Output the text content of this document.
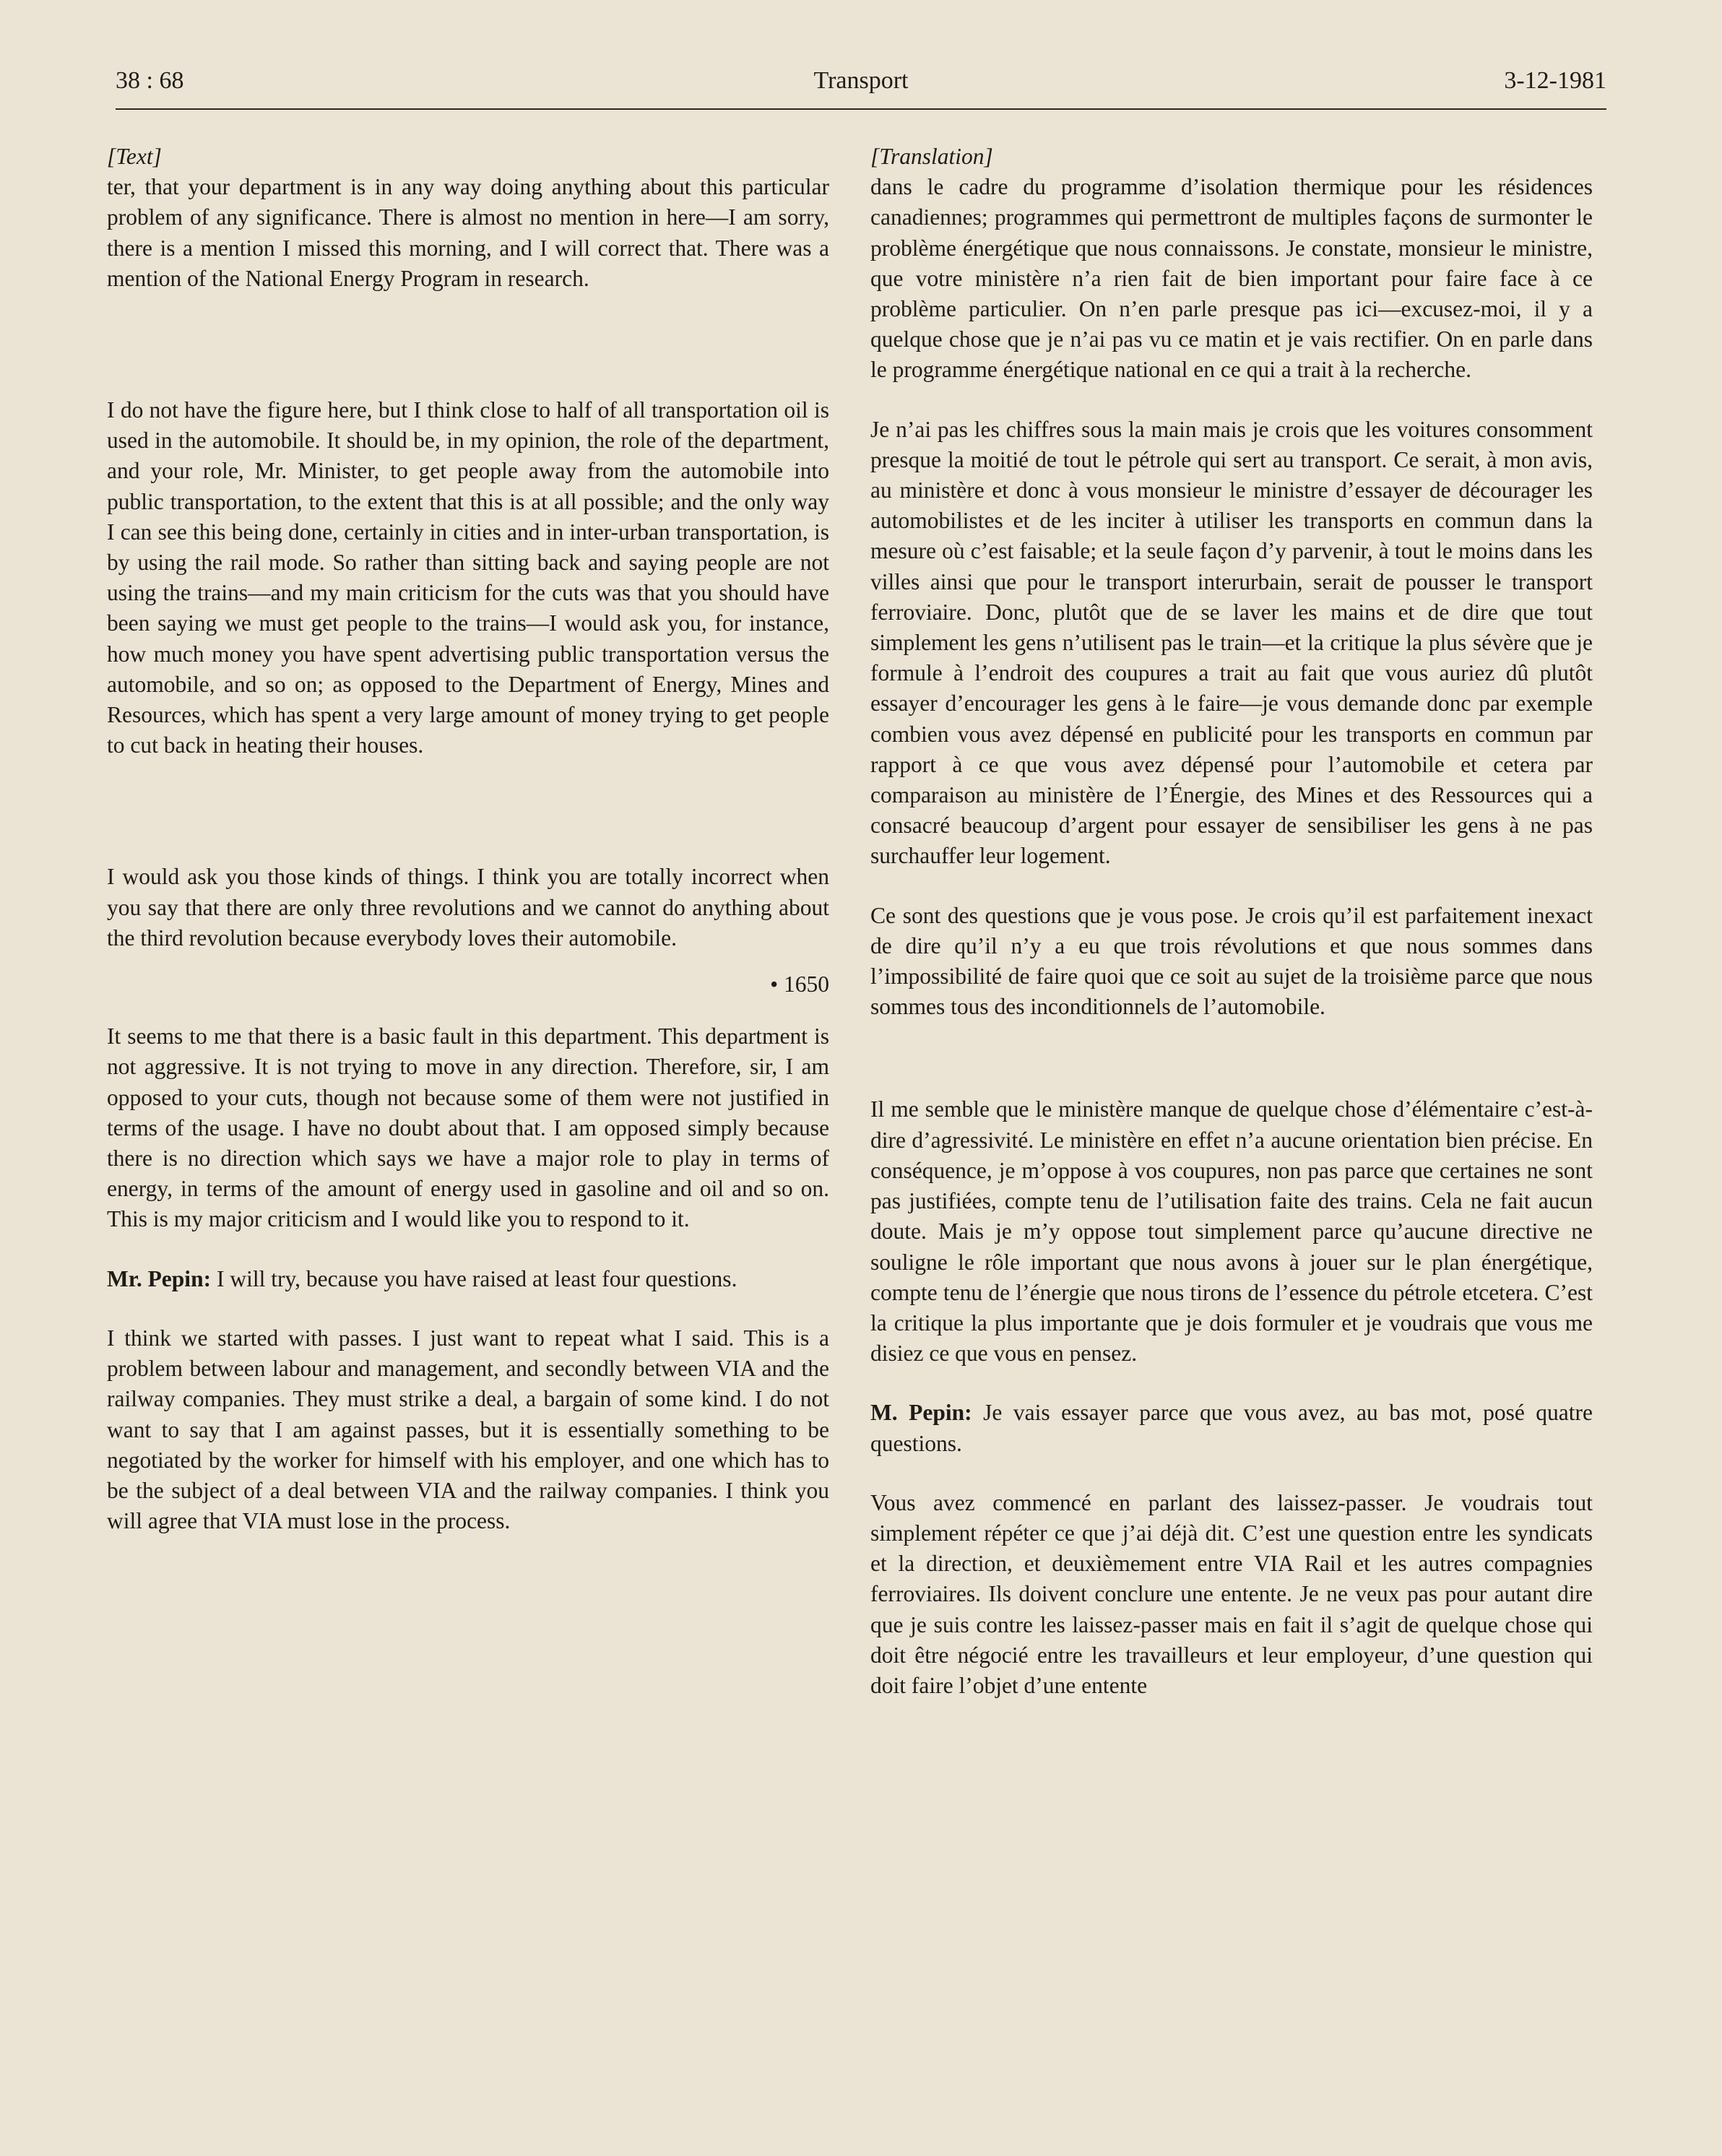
Transport
38 : 68	3-12-1981

[Text]

ter, that your department is in any way doing anything about this particular problem of any significance. There is almost no mention in here—I am sorry, there is a mention I missed this morning, and I will correct that. There was a mention of the National Energy Program in research.

I do not have the figure here, but I think close to half of all transportation oil is used in the automobile. It should be, in my opinion, the role of the department, and your role, Mr. Minister, to get people away from the automobile into public transportation, to the extent that this is at all possible; and the only way I can see this being done, certainly in cities and in inter-urban transportation, is by using the rail mode. So rather than sitting back and saying people are not using the trains—and my main criticism for the cuts was that you should have been saying we must get people to the trains—I would ask you, for instance, how much money you have spent advertising public transportation versus the automobile, and so on; as opposed to the Department of Energy, Mines and Resources, which has spent a very large amount of money trying to get people to cut back in heating their houses.

I would ask you those kinds of things. I think you are totally incorrect when you say that there are only three revolutions and we cannot do anything about the third revolution because everybody loves their automobile.

• 1650

It seems to me that there is a basic fault in this department. This department is not aggressive. It is not trying to move in any direction. Therefore, sir, I am opposed to your cuts, though not because some of them were not justified in terms of the usage. I have no doubt about that. I am opposed simply because there is no direction which says we have a major role to play in terms of energy, in terms of the amount of energy used in gasoline and oil and so on. This is my major criticism and I would like you to respond to it.

Mr. Pepin: I will try, because you have raised at least four questions.

I think we started with passes. I just want to repeat what I said. This is a problem between labour and management, and secondly between VIA and the railway companies. They must strike a deal, a bargain of some kind. I do not want to say that I am against passes, but it is essentially something to be negotiated by the worker for himself with his employer, and one which has to be the subject of a deal between VIA and the railway companies. I think you will agree that VIA must lose in the process.

[Translation]

dans le cadre du programme d’isolation thermique pour les résidences canadiennes; programmes qui permettront de multiples façons de surmonter le problème énergétique que nous connaissons. Je constate, monsieur le ministre, que votre ministère n’a rien fait de bien important pour faire face à ce problème particulier. On n’en parle presque pas ici—excusez-moi, il y a quelque chose que je n’ai pas vu ce matin et je vais rectifier. On en parle dans le programme énergétique national en ce qui a trait à la recherche.

Je n’ai pas les chiffres sous la main mais je crois que les voitures consomment presque la moitié de tout le pétrole qui sert au transport. Ce serait, à mon avis, au ministère et donc à vous monsieur le ministre d’essayer de décourager les automobilistes et de les inciter à utiliser les transports en commun dans la mesure où c’est faisable; et la seule façon d’y parvenir, à tout le moins dans les villes ainsi que pour le transport interurbain, serait de pousser le transport ferroviaire. Donc, plutôt que de se laver les mains et de dire que tout simplement les gens n’utilisent pas le train—et la critique la plus sévère que je formule à l’endroit des coupures a trait au fait que vous auriez dû plutôt essayer d’encourager les gens à le faire—je vous demande donc par exemple combien vous avez dépensé en publicité pour les transports en commun par rapport à ce que vous avez dépensé pour l’automobile et cetera par comparaison au ministère de l’Énergie, des Mines et des Ressources qui a consacré beaucoup d’argent pour essayer de sensibiliser les gens à ne pas surchauffer leur logement.

Ce sont des questions que je vous pose. Je crois qu’il est parfaitement inexact de dire qu’il n’y a eu que trois révolutions et que nous sommes dans l’impossibilité de faire quoi que ce soit au sujet de la troisième parce que nous sommes tous des inconditionnels de l’automobile.

Il me semble que le ministère manque de quelque chose d’élémentaire c’est-à-dire d’agressivité. Le ministère en effet n’a aucune orientation bien précise. En conséquence, je m’oppose à vos coupures, non pas parce que certaines ne sont pas justifiées, compte tenu de l’utilisation faite des trains. Cela ne fait aucun doute. Mais je m’y oppose tout simplement parce qu’aucune directive ne souligne le rôle important que nous avons à jouer sur le plan énergétique, compte tenu de l’énergie que nous tirons de l’essence du pétrole etcetera. C’est la critique la plus importante que je dois formuler et je voudrais que vous me disiez ce que vous en pensez.

M. Pepin: Je vais essayer parce que vous avez, au bas mot, posé quatre questions.

Vous avez commencé en parlant des laissez-passer. Je voudrais tout simplement répéter ce que j’ai déjà dit. C’est une question entre les syndicats et la direction, et deuxièmement entre VIA Rail et les autres compagnies ferroviaires. Ils doivent conclure une entente. Je ne veux pas pour autant dire que je suis contre les laissez-passer mais en fait il s’agit de quelque chose qui doit être négocié entre les travailleurs et leur employeur, d’une question qui doit faire l’objet d’une entente
